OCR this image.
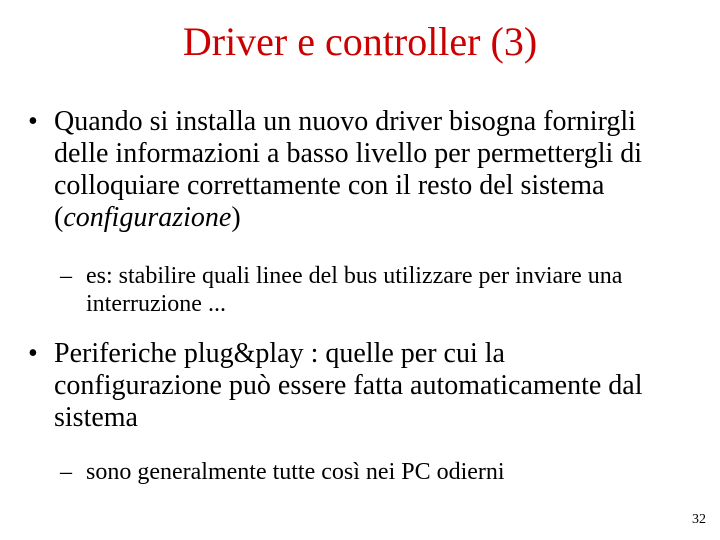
Driver e controller (3)
• Quando si installa un nuovo driver bisogna fornirgli delle informazioni a basso livello per permettergli di colloquiare correttamente con il resto del sistema (configurazione)
– es: stabilire quali linee del bus utilizzare per inviare una interruzione ...
• Periferiche plug&play : quelle per cui la configurazione può essere fatta automaticamente dal sistema
– sono generalmente tutte così nei PC odierni
32
